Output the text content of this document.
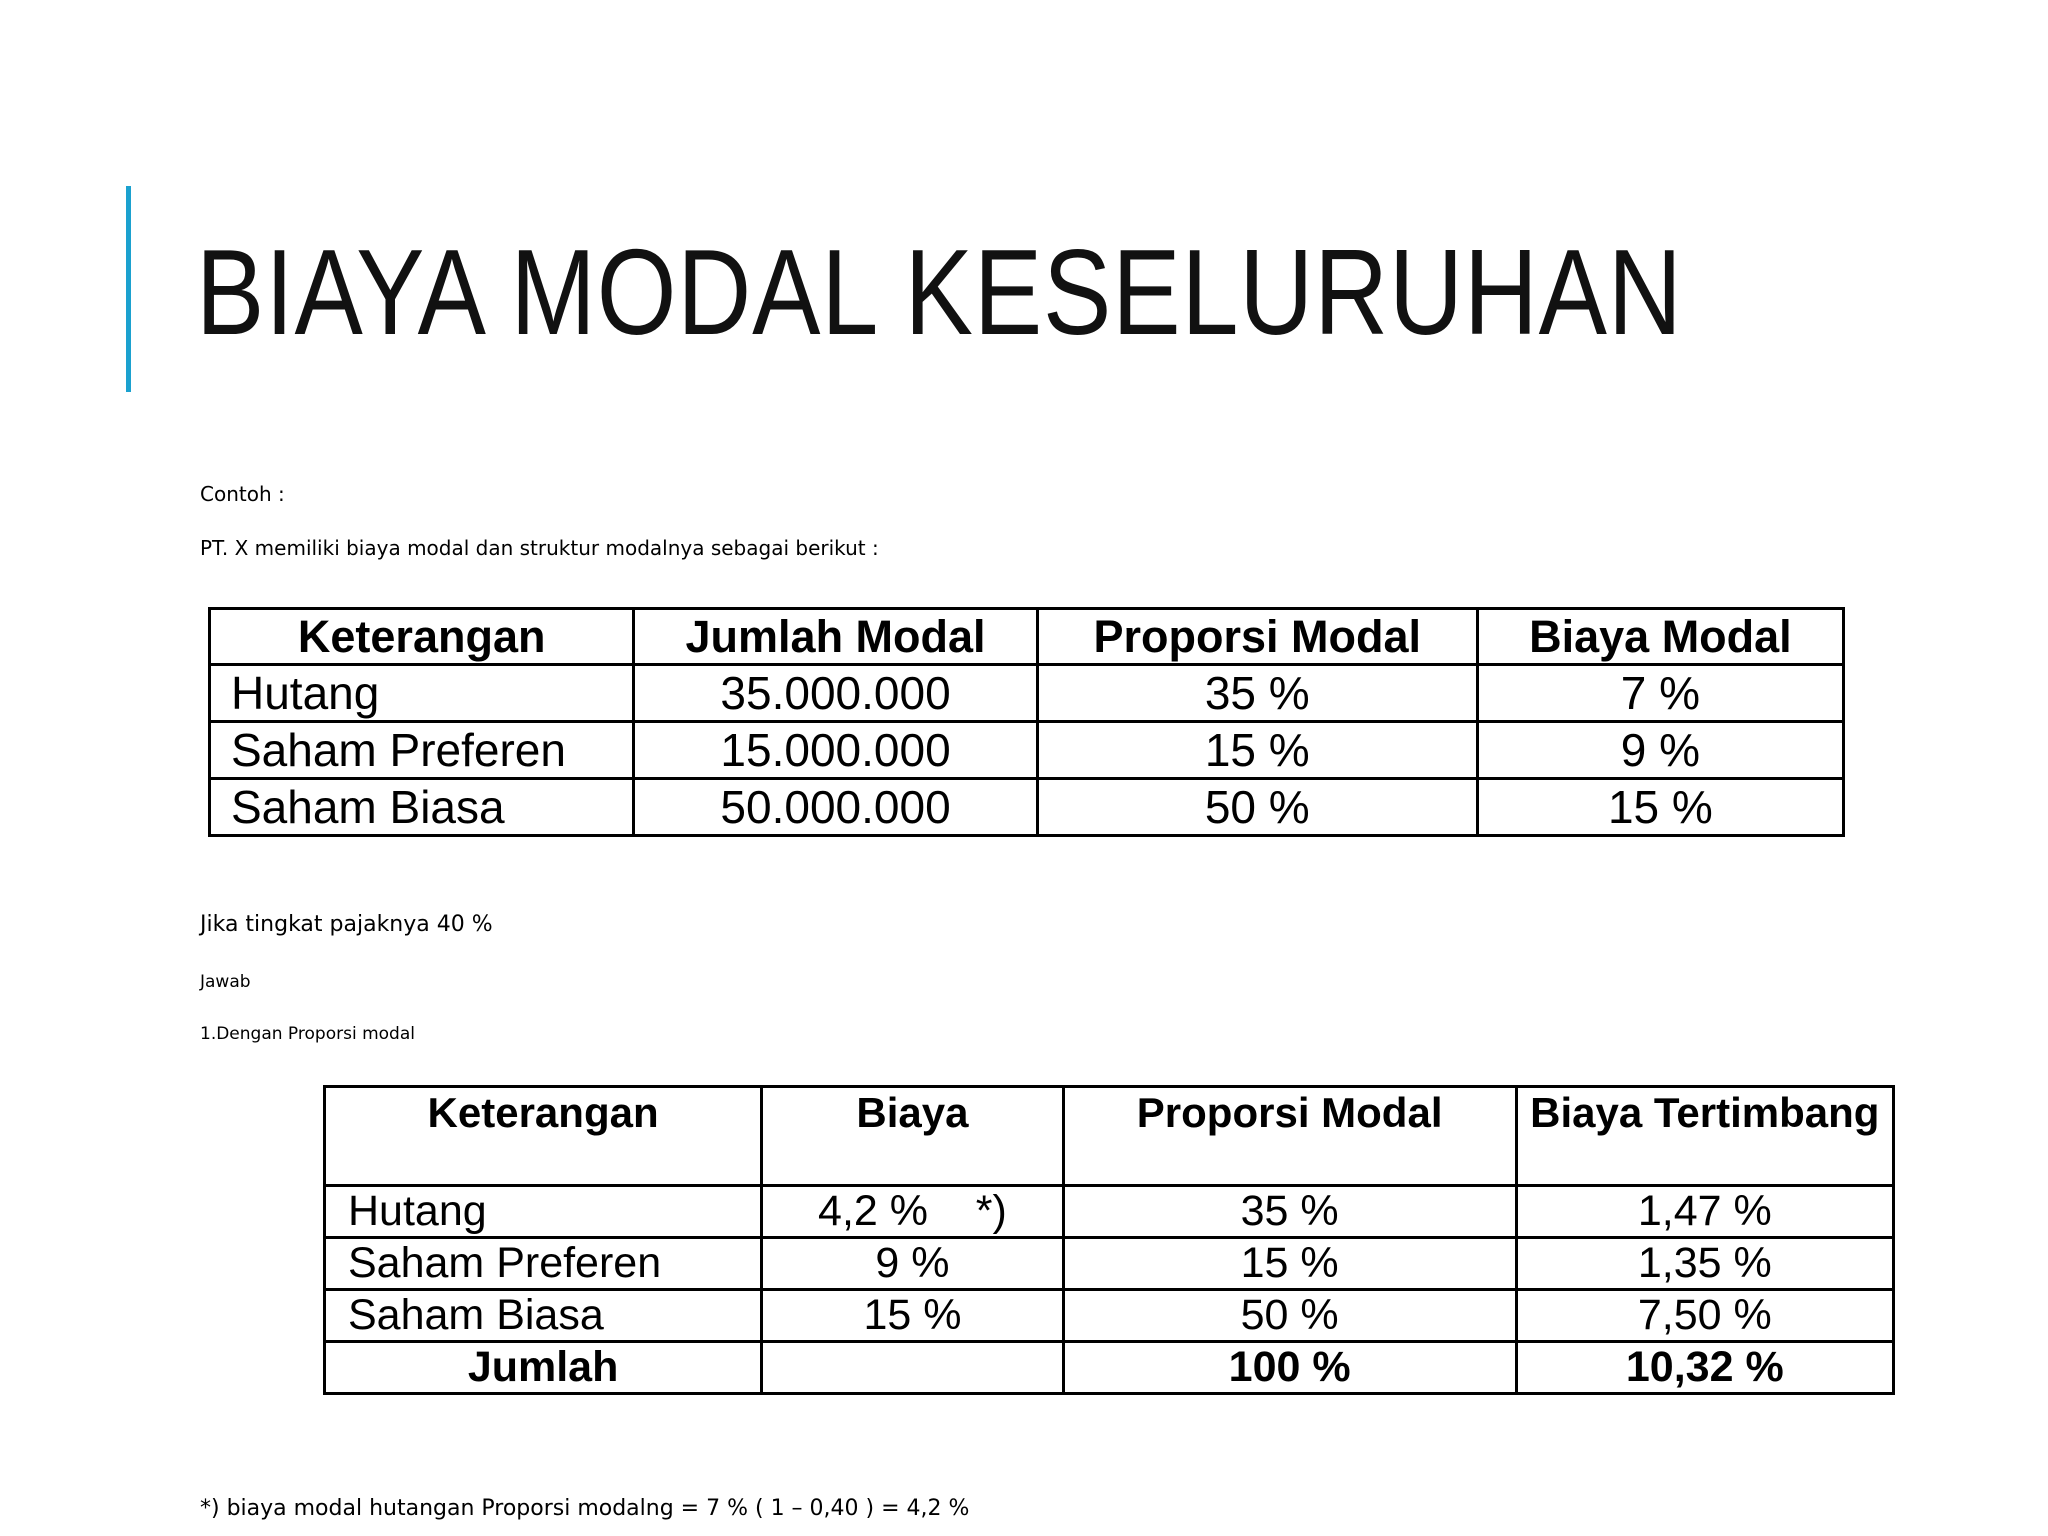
BIAYA MODAL KESELURUHAN
Contoh :
PT. X memiliki biaya modal dan struktur modalnya sebagai berikut :
Keterangan	Jumlah Modal	Proporsi Modal	Biaya Modal
Hutang	35.000.000	35 %	7 %
Saham Preferen	15.000.000	15 %	9 %
Saham Biasa	50.000.000	50 %	15 %
Jika tingkat pajaknya 40 %
Jawab
1.Dengan Proporsi modal
Keterangan	Biaya	Proporsi Modal	Biaya Tertimbang
Hutang	4,2 %    *)	35 %	1,47 %
Saham Preferen	9 %	15 %	1,35 %
Saham Biasa	15 %	50 %	7,50 %
Jumlah		100 %	10,32 %
*) biaya modal hutangan Proporsi modalng = 7 % ( 1 – 0,40 ) = 4,2 %
